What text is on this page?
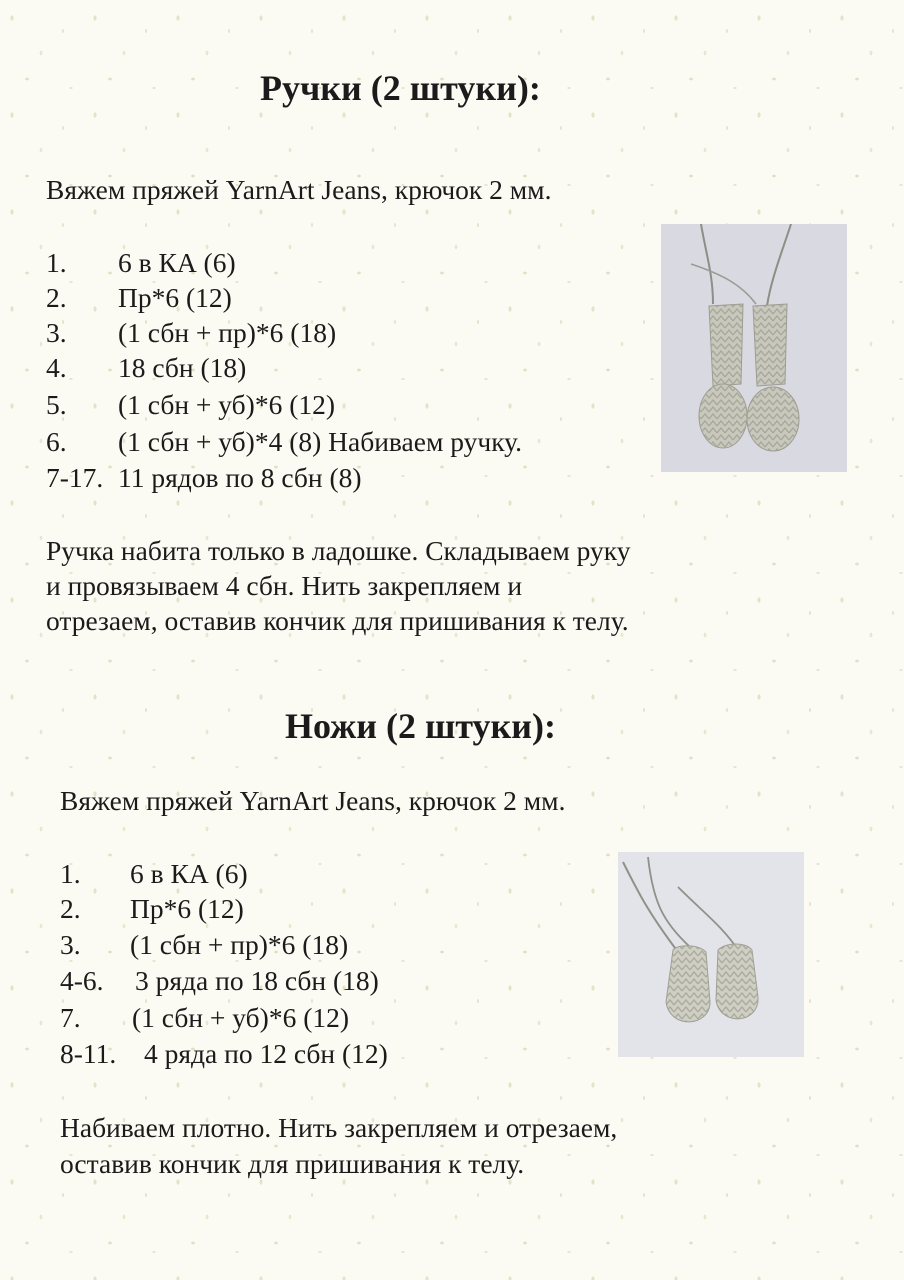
Ручки (2 штуки):

Вяжем пряжей YarnArt Jeans, крючок 2 мм.

1. 6 в КА (6)
2. Пр*6 (12)
3. (1 сбн + пр)*6 (18)
4. 18 сбн (18)
5. (1 сбн + уб)*6 (12)
6. (1 сбн + уб)*4 (8) Набиваем ручку.
7-17. 11 рядов по 8 сбн (8)

Ручка набита только в ладошке. Складываем руку

и провязываем 4 сбн. Нить закрепляем и

отрезаем, оставив кончик для пришивания к телу.

Ножи (2 штуки):

Вяжем пряжей YarnArt Jeans, крючок 2 мм.

1. 6 в КА (6)
2. Пр*6 (12)
3. (1 сбн + пр)*6 (18)
4-6. 3 ряда по 18 сбн (18)
7. (1 сбн + уб)*6 (12)
8-11. 4 ряда по 12 сбн (12)

Набиваем плотно. Нить закрепляем и отрезаем,

оставив кончик для пришивания к телу.
